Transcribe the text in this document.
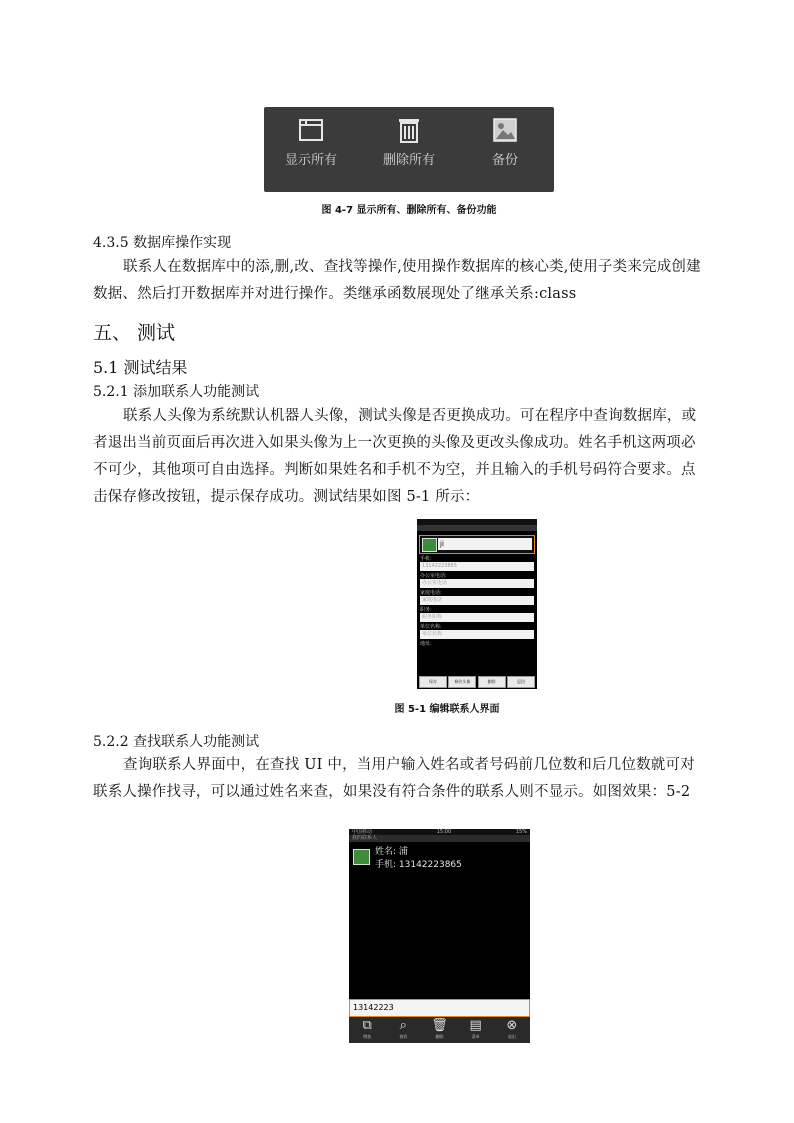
显示所有	删除所有	备份
图 4-7 显示所有、删除所有、备份功能
4.3.5 数据库操作实现
联系人在数据库中的添,删,改、查找等操作,使用操作数据库的核心类,使用子类来完成创建数据、然后打开数据库并对进行操作。类继承函数展现处了继承关系:class
五、 测试
5.1 测试结果
5.2.1 添加联系人功能测试
联系人头像为系统默认机器人头像，测试头像是否更换成功。可在程序中查询数据库，或者退出当前页面后再次进入如果头像为上一次更换的头像及更改头像成功。姓名手机这两项必不可少，其他项可自由选择。判断如果姓名和手机不为空，并且输入的手机号码符合要求。点击保存修改按钮，提示保存成功。测试结果如图 5-1 所示：
ji
手机:
13142223865
办公室电话:
办公室电话
家庭电话:
家庭电话
职务:
职务职称
单位名称:
单位名称
地址:
保存	修改头像	删除	返回
图 5-1 编辑联系人界面
5.2.2 查找联系人功能测试
查询联系人界面中，在查找 UI 中，当用户输入姓名或者号码前几位数和后几位数就可对联系人操作找寻，可以通过姓名来查，如果没有符合条件的联系人则不显示。如图效果：5-2
中国移动	15:00	15%
我的联系人
姓名: 浦
手机: 13142223865
13142223
⧉
增加
⌕
查找
🗑
删除
▤
菜单
⊗
退出
